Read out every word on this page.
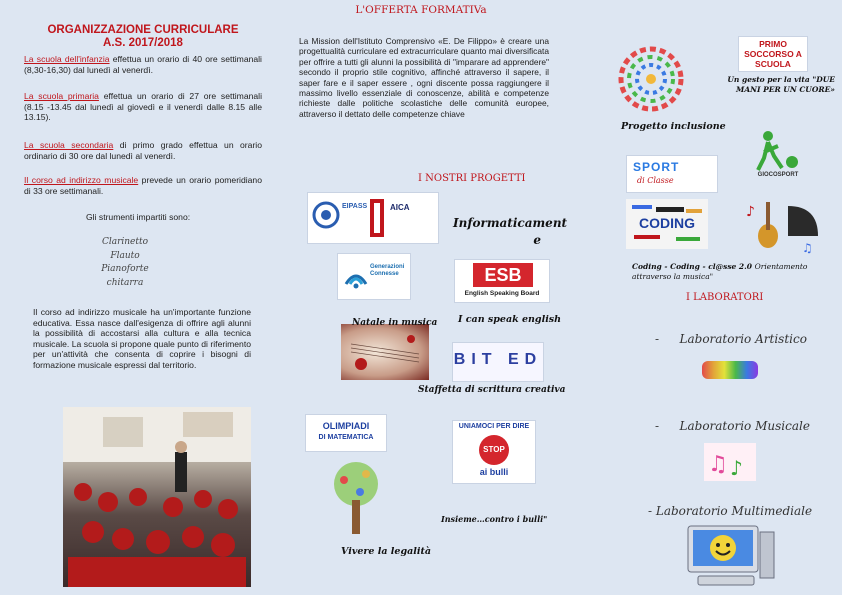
L'OFFERTA FORMATIVa
ORGANIZZAZIONE CURRICULARE
A.S. 2017/2018
La scuola dell'infanzia effettua un orario di 40 ore settimanali (8,30-16,30) dal lunedì al venerdì.
La scuola primaria effettua un orario di 27 ore settimanali (8.15 -13.45 dal lunedì al giovedì e il venerdì dalle 8.15 alle 13.15).
La scuola secondaria di primo grado effettua un orario ordinario di 30 ore dal lunedì al venerdì.
Il corso ad indirizzo musicale prevede un orario pomeridiano di 33 ore settimanali.
Gli strumenti impartiti sono:
Clarinetto
Flauto
Pianoforte
chitarra
Il corso ad indirizzo musicale ha un'importante funzione educativa. Essa nasce dall'esigenza di offrire agli alunni la possibilità di accostarsi alla cultura e alla tecnica musicale. La scuola si propone quale punto di riferimento per un'attività che consenta di coprire i bisogni di formazione musicale espressi dal territorio.
La Mission dell'Istituto Comprensivo «E. De Filippo» è creare una progettualità curriculare ed extracurriculare quanto mai diversificata per offrire a tutti gli alunni la possibilità di "imparare ad apprendere" secondo il proprio stile cognitivo, affinché attraverso il sapere, il saper fare e il saper essere , ogni discente possa raggiungere il massimo livello essenziale di conoscenze, abilità e competenze richieste dalle politiche scolastiche delle comunità europee, attraverso il dettato delle competenze chiave
I NOSTRI PROGETTI
EIPASS	AICA
Informaticament e
Generazioni Connesse	ESB
English Speaking Board
Natale in musica I can speak english
BIT ED
Staffetta di scrittura creativa
OLIMPIADI
DI MATEMATICA
UNIAMOCI PER DIRE
STOP
ai bulli
Insieme…contro i bulli"
Vivere la legalità
Progetto inclusione
PRIMO SOCCORSO A SCUOLA
Un gesto per la vita "DUE MANI PER UN CUORE»
SPORT
di Classe
GIOCOSPORT
CODING
♪
♫
Coding - Coding - cl@sse 2.0 Orientamento attraverso la musica"
I LABORATORI
- Laboratorio Artistico
- Laboratorio Musicale
♫ ♪
- Laboratorio Multimediale
